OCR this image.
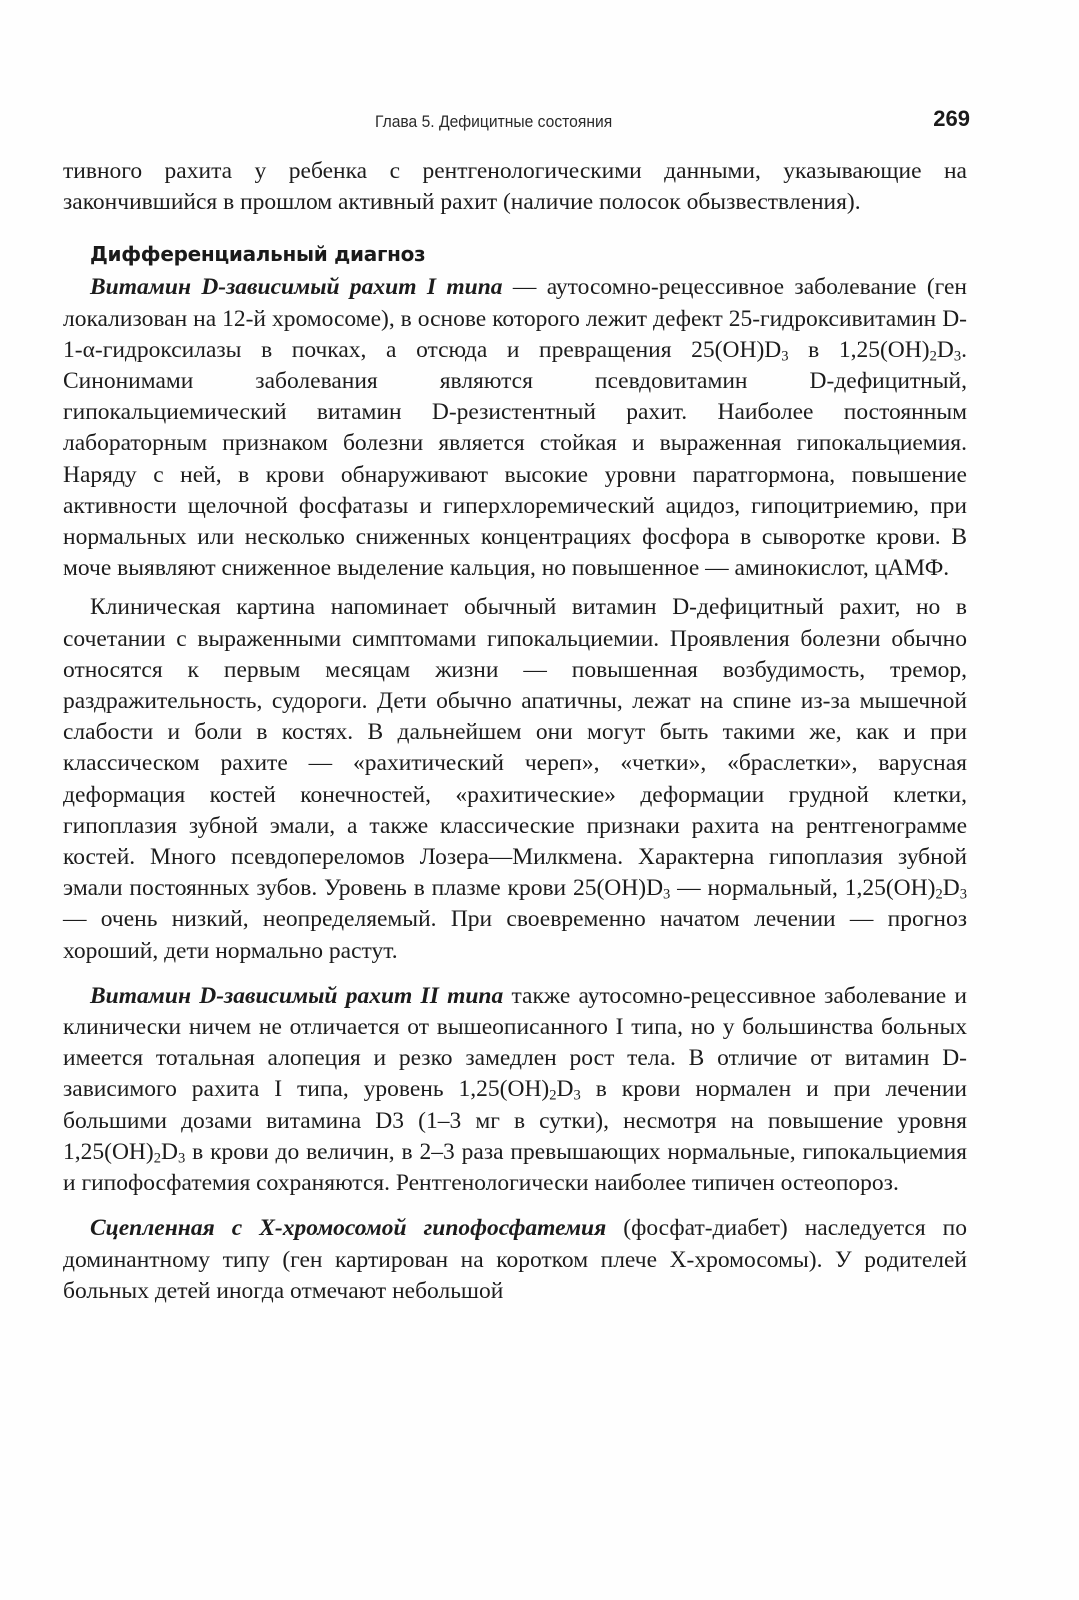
Глава 5. Дефицитные состояния	269

тивного рахита у ребенка с рентгенологическими данными, указывающие на закончившийся в прошлом активный рахит (наличие полосок обызвествления).

Дифференциальный диагноз

Витамин D-зависимый рахит I типа — аутосомно-рецессивное заболевание (ген локализован на 12-й хромосоме), в основе которого лежит дефект 25-гидроксивитамин D-1-α-гидроксилазы в почках, а отсюда и превращения $25(OH)D_3$ в $1,25(OH)_2D_3$. Синонимами заболевания являются псевдовитамин D-дефицитный, гипокальциемический витамин D-резистентный рахит. Наиболее постоянным лабораторным признаком болезни является стойкая и выраженная гипокальциемия. Наряду с ней, в крови обнаруживают высокие уровни паратгормона, повышение активности щелочной фосфатазы и гиперхлоремический ацидоз, гипоцитриемию, при нормальных или несколько сниженных концентрациях фосфора в сыворотке крови. В моче выявляют сниженное выделение кальция, но повышенное — аминокислот, цАМФ.

Клиническая картина напоминает обычный витамин D-дефицитный рахит, но в сочетании с выраженными симптомами гипокальциемии. Проявления болезни обычно относятся к первым месяцам жизни — повышенная возбудимость, тремор, раздражительность, судороги. Дети обычно апатичны, лежат на спине из-за мышечной слабости и боли в костях. В дальнейшем они могут быть такими же, как и при классическом рахите — «рахитический череп», «четки», «браслетки», варусная деформация костей конечностей, «рахитические» деформации грудной клетки, гипоплазия зубной эмали, а также классические признаки рахита на рентгенограмме костей. Много псевдопереломов Лозера—Милкмена. Характерна гипоплазия зубной эмали постоянных зубов. Уровень в плазме крови $25(OH)D_3$ — нормальный, $1,25(OH)_2D_3$ — очень низкий, неопределяемый. При своевременно начатом лечении — прогноз хороший, дети нормально растут.

Витамин D-зависимый рахит II типа также аутосомно-рецессивное заболевание и клинически ничем не отличается от вышеописанного I типа, но у большинства больных имеется тотальная алопеция и резко замедлен рост тела. В отличие от витамин D-зависимого рахита I типа, уровень $1,25(OH)_2D_3$ в крови нормален и при лечении большими дозами витамина D3 (1–3 мг в сутки), несмотря на повышение уровня $1,25(OH)_2D_3$ в крови до величин, в 2–3 раза превышающих нормальные, гипокальциемия и гипофосфатемия сохраняются. Рентгенологически наиболее типичен остеопороз.

Сцепленная с X-хромосомой гипофосфатемия (фосфат-диабет) наследуется по доминантному типу (ген картирован на коротком плече X-хромосомы). У родителей больных детей иногда отмечают небольшой
